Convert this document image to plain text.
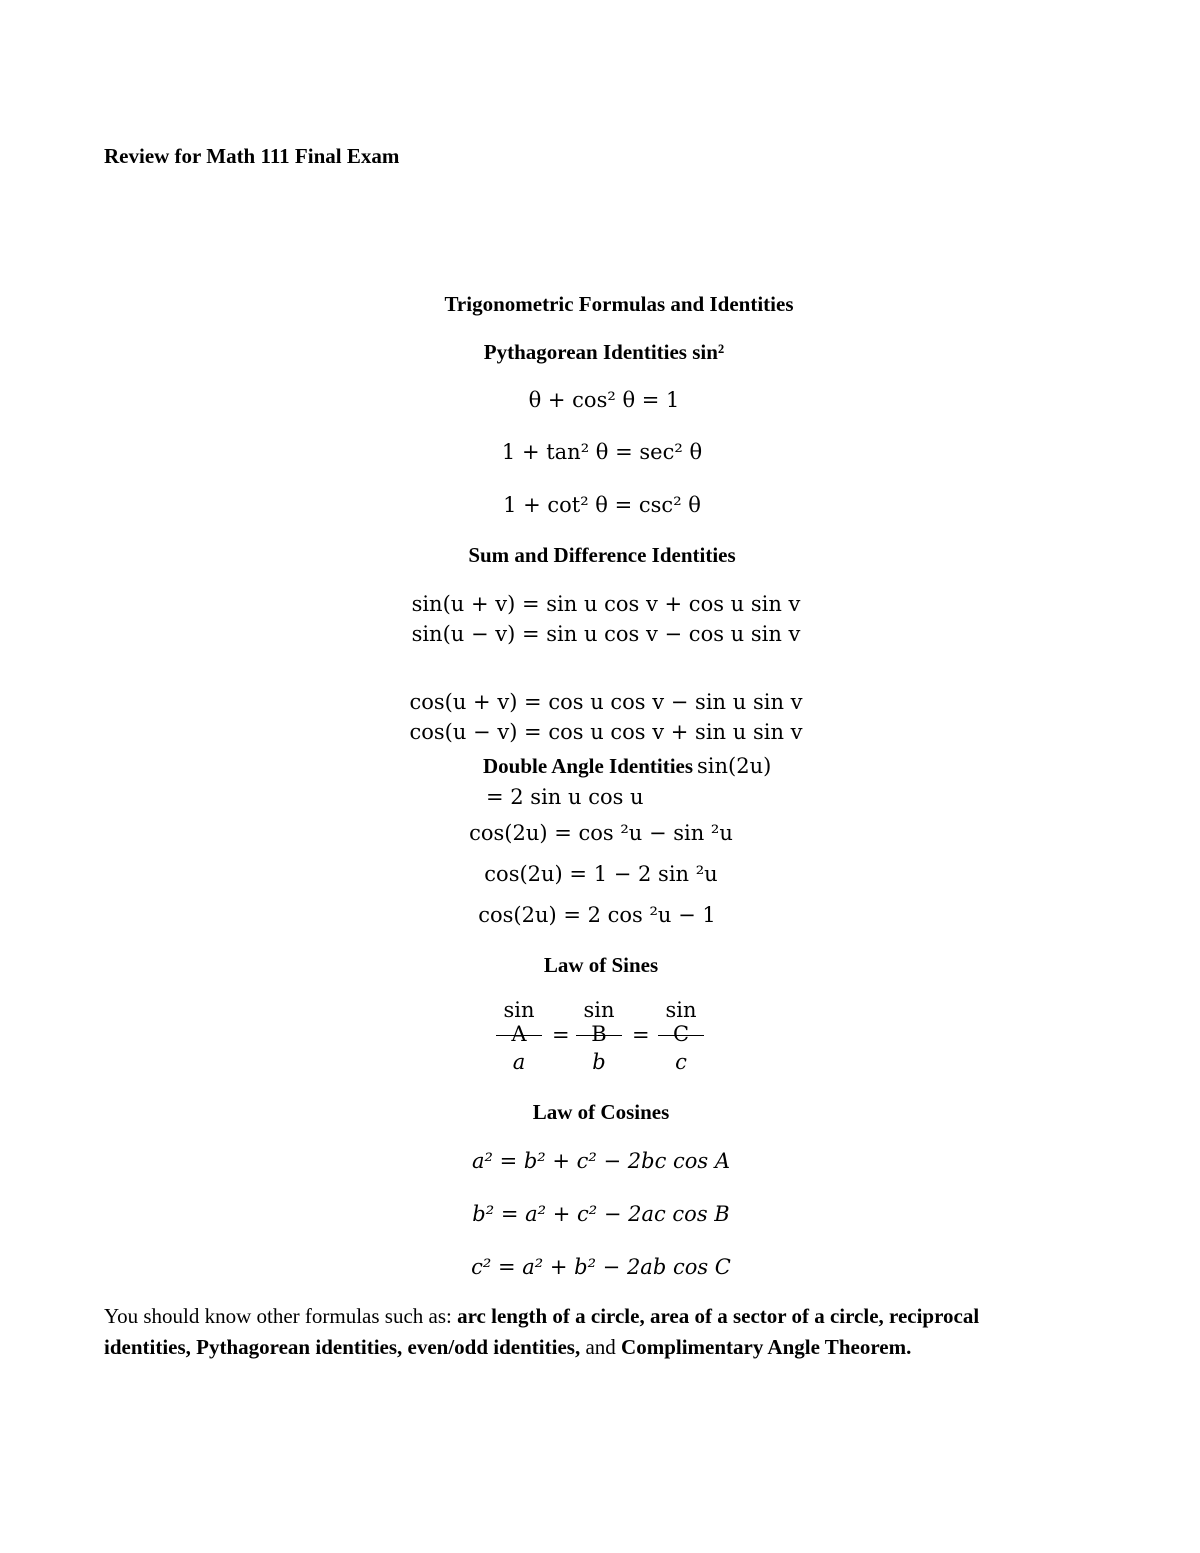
Review for Math 111 Final Exam
Trigonometric Formulas and Identities
Pythagorean Identities sin²
θ + cos² θ = 1
1 + tan² θ = sec² θ
1 + cot² θ = csc² θ
Sum and Difference Identities
sin(u + v) = sin u cos v + cos u sin v
sin(u − v) = sin u cos v − cos u sin v
cos(u + v) = cos u cos v − sin u sin v
cos(u − v) = cos u cos v + sin u sin v
Double Angle Identities sin(2u)
= 2 sin u cos u
cos(2u) = cos ²u − sin ²u
cos(2u) = 1 − 2 sin ²u
cos(2u) = 2 cos ²u − 1
Law of Sines
sin A
a
=
sin B
b
=
sin C
c
Law of Cosines
a² = b² + c² − 2bc cos A
b² = a² + c² − 2ac cos B
c² = a² + b² − 2ab cos C
You should know other formulas such as: arc length of a circle, area of a sector of a circle, reciprocal
identities, Pythagorean identities, even/odd identities, and Complimentary Angle Theorem.
